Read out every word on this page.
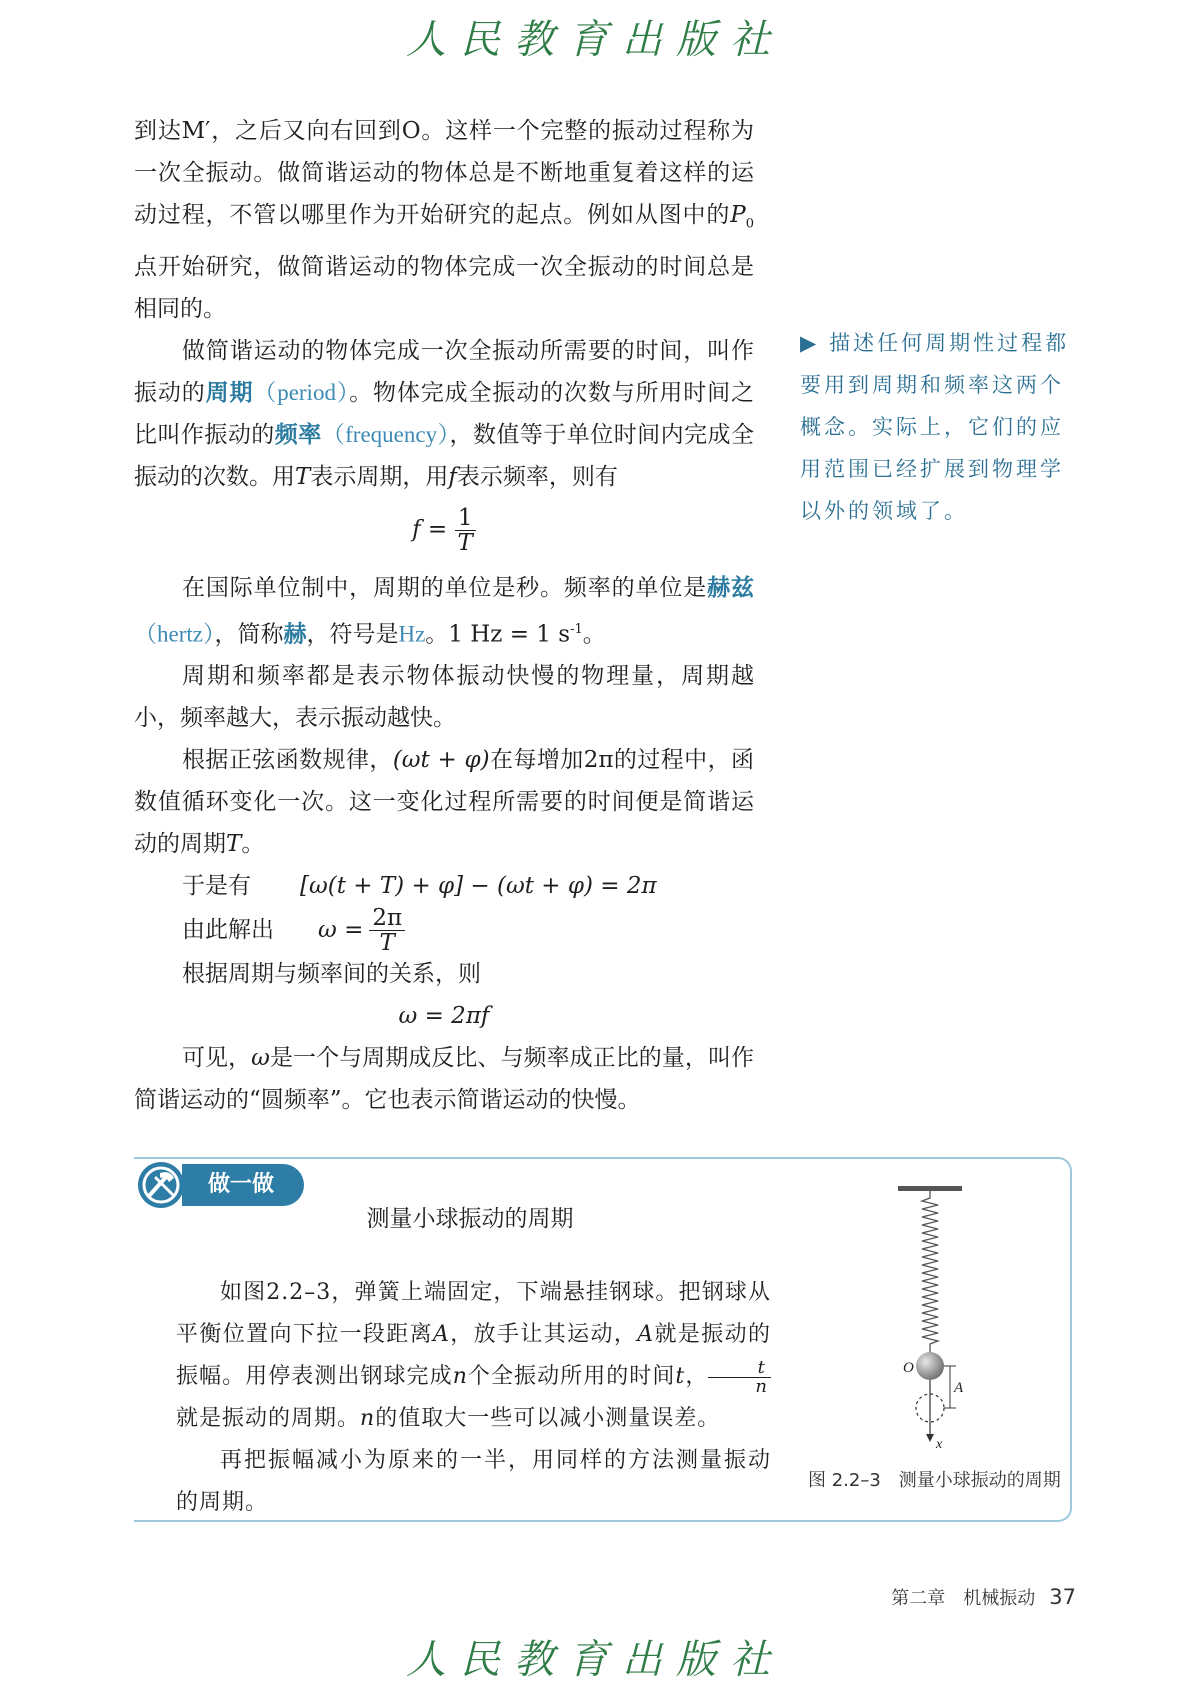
人民教育出版社

到达M′，之后又向右回到O。这样一个完整的振动过程称为一次全振动。做简谐运动的物体总是不断地重复着这样的运动过程，不管以哪里作为开始研究的起点。例如从图中的$P_0$点开始研究，做简谐运动的物体完成一次全振动的时间总是相同的。

做简谐运动的物体完成一次全振动所需要的时间，叫作振动的周期（period）。物体完成全振动的次数与所用时间之比叫作振动的频率（frequency），数值等于单位时间内完成全振动的次数。用T表示周期，用f表示频率，则有

$f = \frac{1}{T}$

在国际单位制中，周期的单位是秒。频率的单位是赫兹（hertz），简称赫，符号是Hz。1 Hz = 1 $s^{-1}$。

周期和频率都是表示物体振动快慢的物理量，周期越小，频率越大，表示振动越快。

根据正弦函数规律，(ωt + φ)在每增加2π的过程中，函数值循环变化一次。这一变化过程所需要的时间便是简谐运动的周期T。

于是有	[ω(t + T) + φ] − (ωt + φ) = 2π
由此解出	$\omega = \frac{2\pi}{T}$
根据周期与频率间的关系，则

ω = 2πf

可见，ω是一个与周期成反比、与频率成正比的量，叫作简谐运动的“圆频率”。它也表示简谐运动的快慢。

▶ 描述任何周期性过程都要用到周期和频率这两个概念。实际上，它们的应用范围已经扩展到物理学以外的领域了。
做一做
测量小球振动的周期

如图2.2–3，弹簧上端固定，下端悬挂钢球。把钢球从平衡位置向下拉一段距离A，放手让其运动，A就是振动的振幅。用停表测出钢球完成n个全振动所用的时间t， $\frac{t}{n}$
就是振动的周期。n的值取大一些可以减小测量误差。

再把振幅减小为原来的一半，用同样的方法测量振动的周期。

O
A
x
图 2.2–3　测量小球振动的周期
第二章　机械振动 37
人民教育出版社
